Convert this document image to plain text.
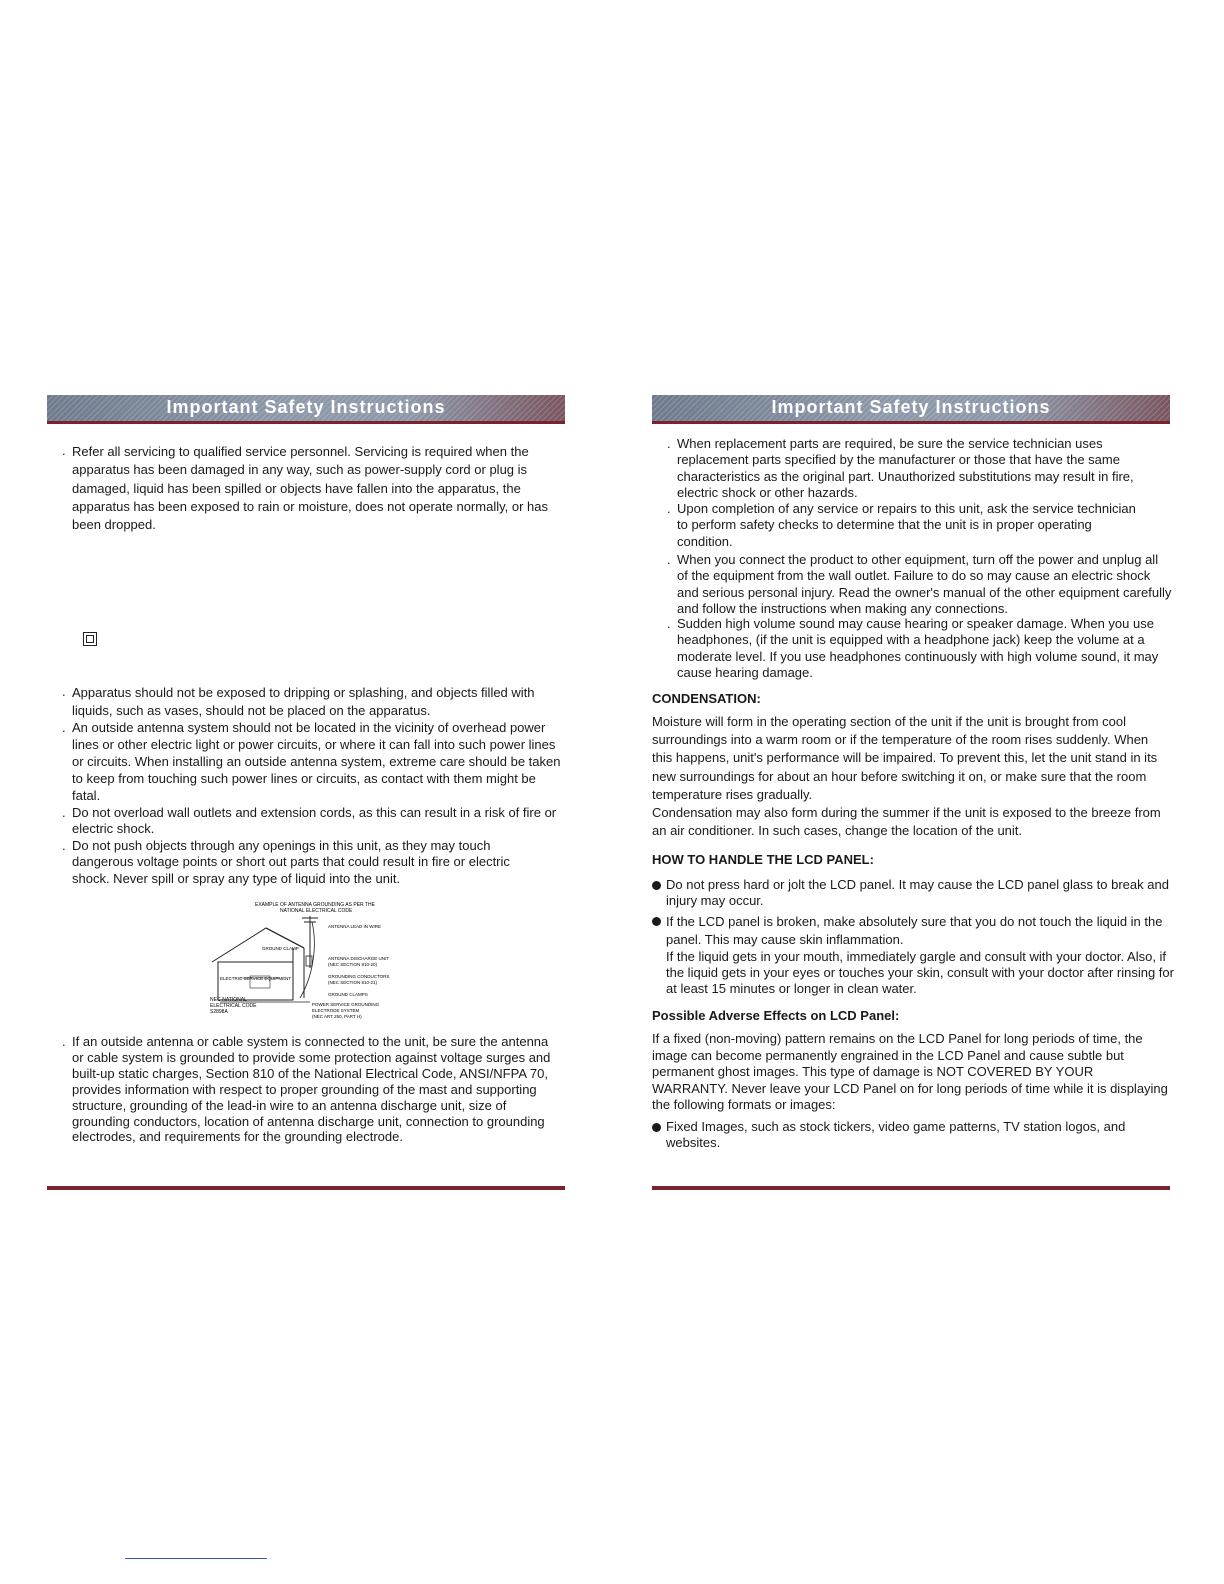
Important Safety Instructions
. Refer all servicing to qualified service personnel. Servicing is required when the apparatus has been damaged in any way, such as power-supply cord or plug is damaged, liquid has been spilled or objects have fallen into the apparatus, the apparatus has been exposed to rain or moisture, does not operate normally, or has been dropped.
. Apparatus should not be exposed to dripping or splashing, and objects filled with liquids, such as vases, should not be placed on the apparatus.
. An outside antenna system should not be located in the vicinity of overhead power lines or other electric light or power circuits, or where it can fall into such power lines or circuits. When installing an outside antenna system, extreme care should be taken to keep from touching such power lines or circuits, as contact with them might be fatal.
. Do not overload wall outlets and extension cords, as this can result in a risk of fire or electric shock.
. Do not push objects through any openings in this unit, as they may touch dangerous voltage points or short out parts that could result in fire or electric shock. Never spill or spray any type of liquid into the unit.
EXAMPLE OF ANTENNA GROUNDING AS PER THE
NATIONAL ELECTRICAL CODE
ANTENNA LEAD IN WIRE
GROUND CLAMP
ANTENNA DISCHARGE UNIT
(NEC SECTION 810-20)
ELECTRIC SERVICE EQUIPMENT	GROUNDING CONDUCTORS
(NEC SECTION 810-21)
GROUND CLAMPS
NEC-NATIONAL
ELECTRICAL CODE
S2898A
POWER SERVICE GROUNDING
ELECTRODE SYSTEM
(NEC ART 250, PART H)
. If an outside antenna or cable system is connected to the unit, be sure the antenna or cable system is grounded to provide some protection against voltage surges and built-up static charges, Section 810 of the National Electrical Code, ANSI/NFPA 70, provides information with respect to proper grounding of the mast and supporting structure, grounding of the lead-in wire to an antenna discharge unit, size of grounding conductors, location of antenna discharge unit, connection to grounding electrodes, and requirements for the grounding electrode.
Important Safety Instructions
. When replacement parts are required, be sure the service technician uses replacement parts specified by the manufacturer or those that have the same characteristics as the original part. Unauthorized substitutions may result in fire, electric shock or other hazards.
. Upon completion of any service or repairs to this unit, ask the service technician to perform safety checks to determine that the unit is in proper operating condition.
. When you connect the product to other equipment, turn off the power and unplug all of the equipment from the wall outlet. Failure to do so may cause an electric shock and serious personal injury. Read the owner's manual of the other equipment carefully and follow the instructions when making any connections.
. Sudden high volume sound may cause hearing or speaker damage. When you use headphones, (if the unit is equipped with a headphone jack) keep the volume at a moderate level. If you use headphones continuously with high volume sound, it may cause hearing damage.
CONDENSATION:

Moisture will form in the operating section of the unit if the unit is brought from cool surroundings into a warm room or if the temperature of the room rises suddenly. When this happens, unit's performance will be impaired. To prevent this, let the unit stand in its new surroundings for about an hour before switching it on, or make sure that the room temperature rises gradually.

Condensation may also form during the summer if the unit is exposed to the breeze from an air conditioner. In such cases, change the location of the unit.

HOW TO HANDLE THE LCD PANEL:
Do not press hard or jolt the LCD panel. It may cause the LCD panel glass to break and injury may occur.
If the LCD panel is broken, make absolutely sure that you do not touch the liquid in the panel. This may cause skin inflammation.

If the liquid gets in your mouth, immediately gargle and consult with your doctor. Also, if the liquid gets in your eyes or touches your skin, consult with your doctor after rinsing for at least 15 minutes or longer in clean water.

Possible Adverse Effects on LCD Panel:

If a fixed (non-moving) pattern remains on the LCD Panel for long periods of time, the image can become permanently engrained in the LCD Panel and cause subtle but permanent ghost images. This type of damage is NOT COVERED BY YOUR WARRANTY. Never leave your LCD Panel on for long periods of time while it is displaying the following formats or images:

Fixed Images, such as stock tickers, video game patterns, TV station logos, and websites.
